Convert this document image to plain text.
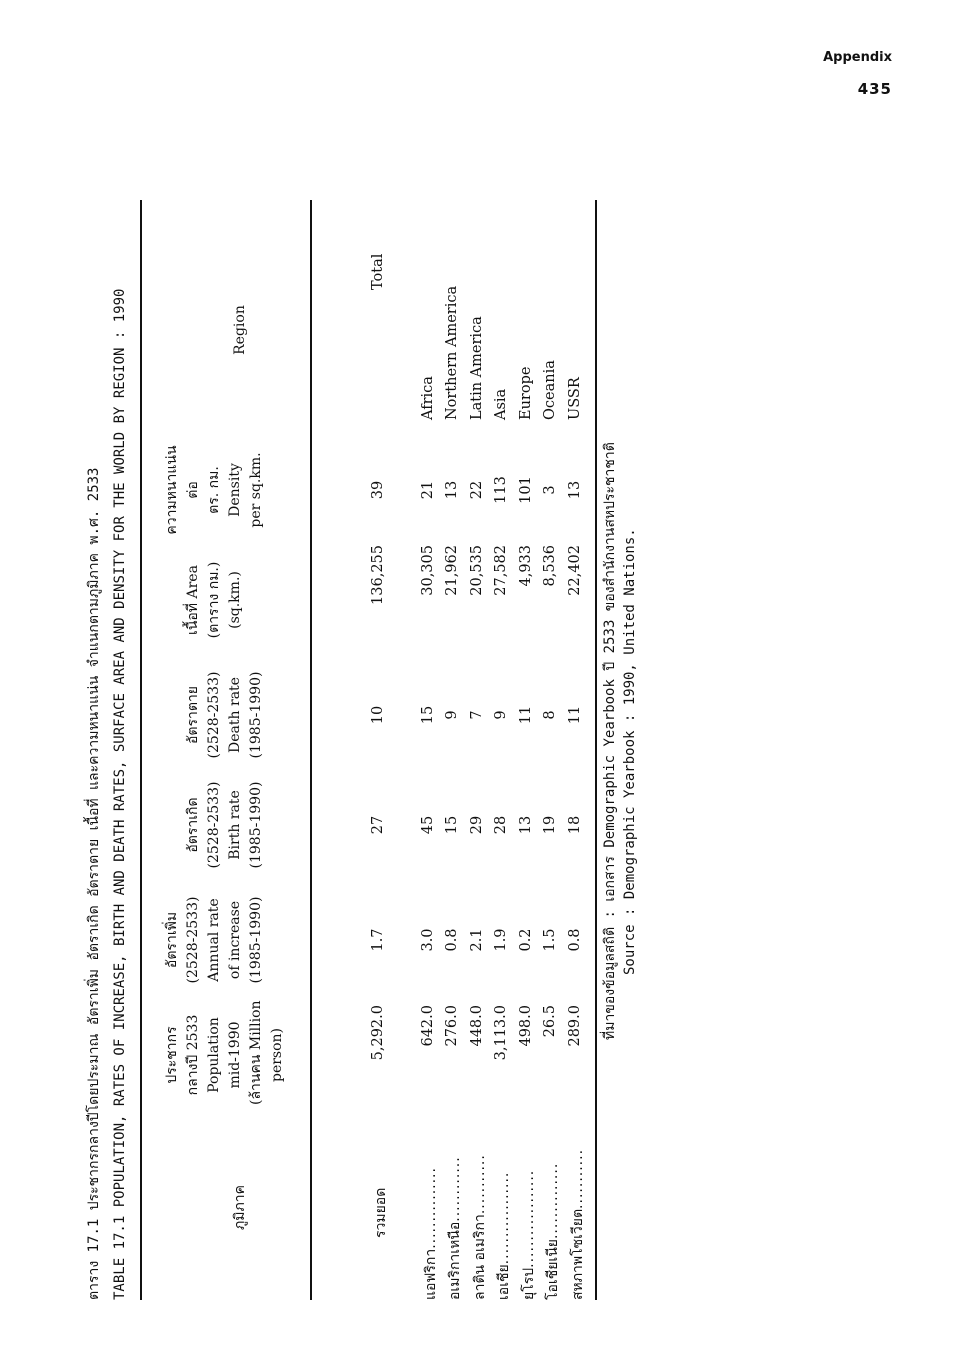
Appendix
435
ตาราง 17.1 ประชากรกลางปีโดยประมาณ อัตราเพิ่ม อัตราเกิด อัตราตาย เนื้อที่ และความหนาแน่น จำแนกตามภูมิภาค พ.ศ. 2533 TABLE 17.1 POPULATION, RATES OF INCREASE, BIRTH AND DEATH RATES, SURFACE AREA AND DENSITY FOR THE WORLD BY REGION : 1990	ภูมิภาค
ประชากร กลางปี 2533 Population mid-1990 (ล้านคน Million person)
อัตราเพิ่ม (2528-2533) Annual rate of increase (1985-1990)
อัตราเกิด (2528-2533) Birth rate (1985-1990)
อัตราตาย (2528-2533) Death rate (1985-1990)
เนื้อที่ Area (ตาราง กม.) (sq.km.)
ความหนาแน่น ต่อ ตร. กม. Density per sq.km.
Region
รวมยอด
5,292.0
1.7
27
10
136,255
39
Total
แอฟริกา...............
642.0
3.0
45
15
30,305
21
Africa
อเมริกาเหนือ............
276.0
0.8
15
9
21,962
13
Northern America
ลาติน อเมริกา...........
448.0
2.1
29
7
20,535
22
Latin America
เอเชีย.................
3,113.0
1.9
28
9
27,582
113
Asia
ยุโรป..................
498.0
0.2
13
11
4,933
101
Europe
โอเชียเนีย..............
26.5
1.5
19
8
8,536
3
Oceania
สหภาพโซเวียต...........
289.0
0.8
18
11
22,402
13
USSR
ที่มาของข้อมูลสถิติ : เอกสาร Demographic Yearbook ปี 2533 ของสำนักงานสหประชาชาติ Source : Demographic Yearbook : 1990, United Nations.
